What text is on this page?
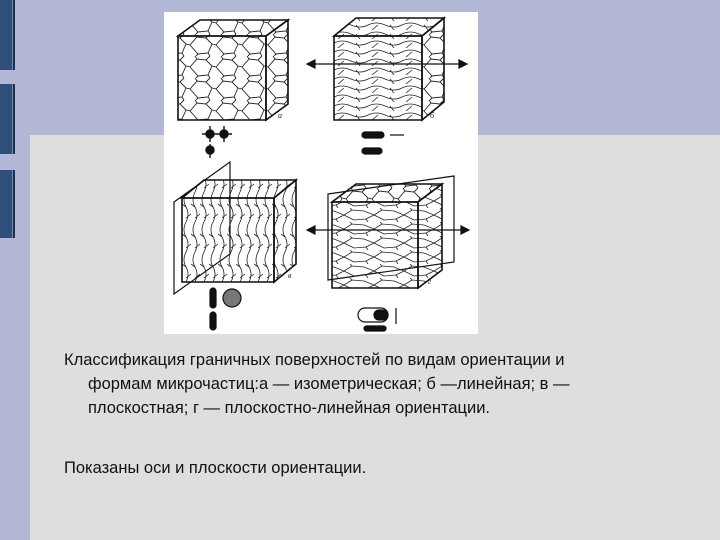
а	б
в
г

Классификация граничных поверхностей по видам ориентации и
формам микрочастиц:а — изометрическая; б —линейная; в —
плоскостная; г — плоскостно-линейная ориентации.

Показаны оси и плоскости ориентации.
